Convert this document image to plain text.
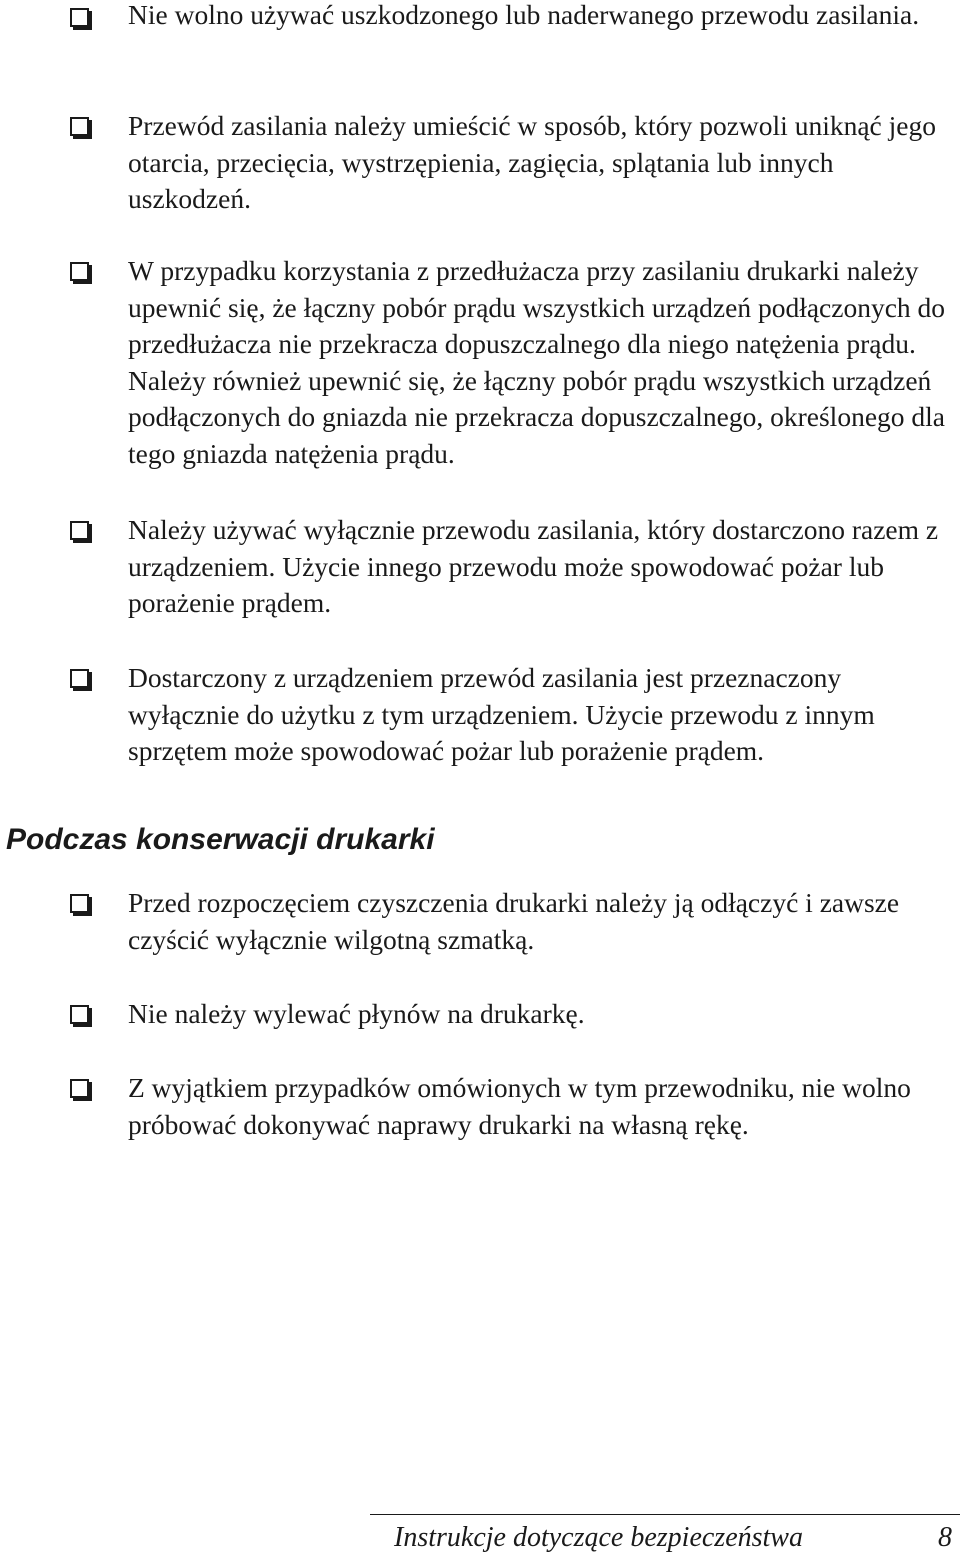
Nie wolno używać uszkodzonego lub naderwanego przewodu zasilania.

Przewód zasilania należy umieścić w sposób, który pozwoli uniknąć jego otarcia, przecięcia, wystrzępienia, zagięcia, splątania lub innych uszkodzeń.

W przypadku korzystania z przedłużacza przy zasilaniu drukarki należy upewnić się, że łączny pobór prądu wszystkich urządzeń podłączonych do przedłużacza nie przekracza dopuszczalnego dla niego natężenia prądu. Należy również upewnić się, że łączny pobór prądu wszystkich urządzeń podłączonych do gniazda nie przekracza dopuszczalnego, określonego dla tego gniazda natężenia prądu.

Należy używać wyłącznie przewodu zasilania, który dostarczono razem z urządzeniem. Użycie innego przewodu może spowodować pożar lub porażenie prądem.

Dostarczony z urządzeniem przewód zasilania jest przeznaczony wyłącznie do użytku z tym urządzeniem. Użycie przewodu z innym sprzętem może spowodować pożar lub porażenie prądem.

Podczas konserwacji drukarki

Przed rozpoczęciem czyszczenia drukarki należy ją odłączyć i zawsze czyścić wyłącznie wilgotną szmatką.

Nie należy wylewać płynów na drukarkę.

Z wyjątkiem przypadków omówionych w tym przewodniku, nie wolno próbować dokonywać naprawy drukarki na własną rękę.

Instrukcje dotyczące bezpieczeństwa	8
